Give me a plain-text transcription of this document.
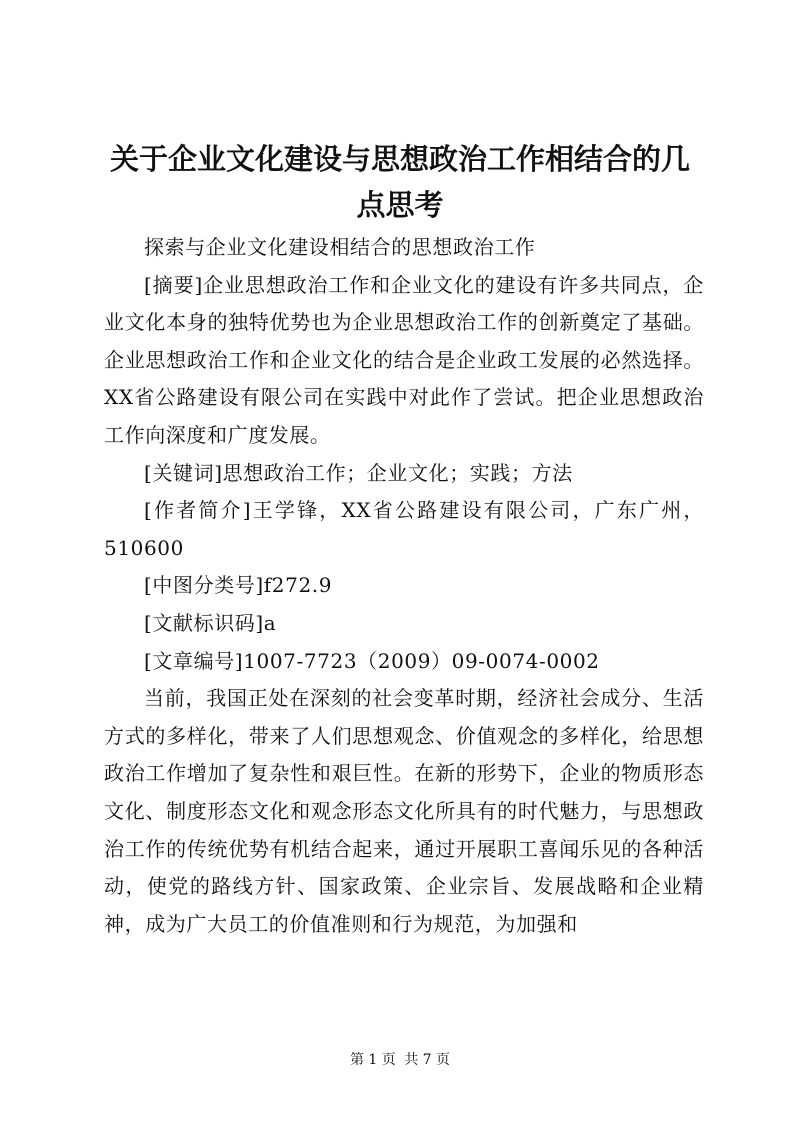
关于企业文化建设与思想政治工作相结合的几点思考

探索与企业文化建设相结合的思想政治工作

[摘要]企业思想政治工作和企业文化的建设有许多共同点，企业文化本身的独特优势也为企业思想政治工作的创新奠定了基础。企业思想政治工作和企业文化的结合是企业政工发展的必然选择。XX省公路建设有限公司在实践中对此作了尝试。把企业思想政治工作向深度和广度发展。

[关键词]思想政治工作；企业文化；实践；方法

[作者简介]王学锋，XX省公路建设有限公司，广东广州，510600

[中图分类号]f272.9

[文献标识码]a

[文章编号]1007-7723（2009）09-0074-0002

当前，我国正处在深刻的社会变革时期，经济社会成分、生活方式的多样化，带来了人们思想观念、价值观念的多样化，给思想政治工作增加了复杂性和艰巨性。在新的形势下，企业的物质形态文化、制度形态文化和观念形态文化所具有的时代魅力，与思想政治工作的传统优势有机结合起来，通过开展职工喜闻乐见的各种活动，使党的路线方针、国家政策、企业宗旨、发展战略和企业精神，成为广大员工的价值准则和行为规范，为加强和

第 1 页 共 7 页
